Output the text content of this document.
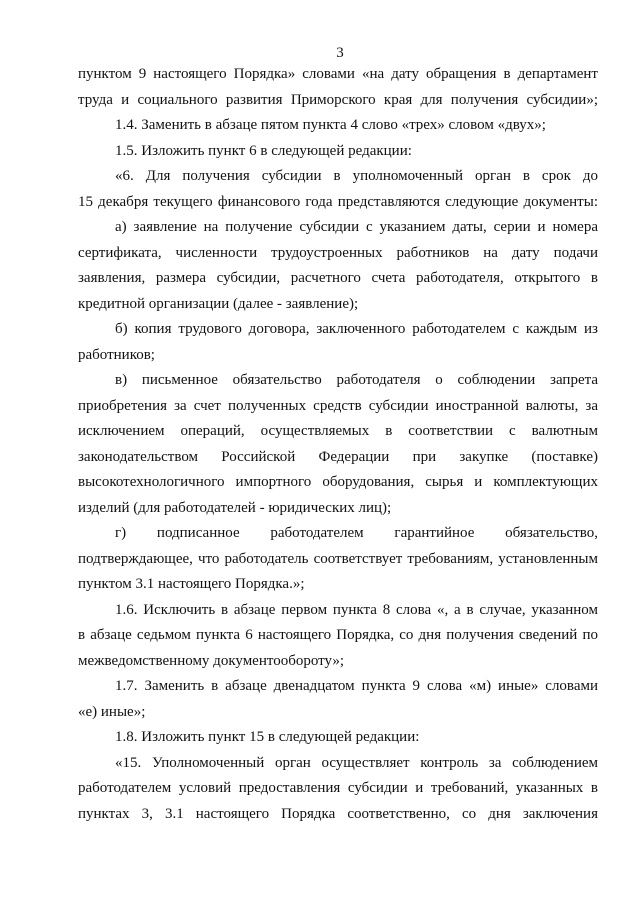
3
пунктом 9 настоящего Порядка» словами «на дату обращения в департамент
труда и социального развития Приморского края для получения субсидии»;
1.4. Заменить в абзаце пятом пункта 4 слово «трех» словом «двух»;
1.5. Изложить пункт 6 в следующей редакции:
«6. Для получения субсидии в уполномоченный орган в срок до
15 декабря текущего финансового года представляются следующие документы:
а) заявление на получение субсидии с указанием даты, серии и номера
сертификата, численности трудоустроенных работников на дату подачи
заявления, размера субсидии, расчетного счета работодателя, открытого в
кредитной организации (далее - заявление);
б) копия трудового договора, заключенного работодателем с каждым из
работников;
в) письменное обязательство работодателя о соблюдении запрета
приобретения за счет полученных средств субсидии иностранной валюты, за
исключением операций, осуществляемых в соответствии с валютным
законодательством Российской Федерации при закупке (поставке)
высокотехнологичного импортного оборудования, сырья и комплектующих
изделий (для работодателей - юридических лиц);
г) подписанное работодателем гарантийное обязательство,
подтверждающее, что работодатель соответствует требованиям, установленным
пунктом 3.1 настоящего Порядка.»;
1.6. Исключить в абзаце первом пункта 8 слова «, а в случае, указанном
в абзаце седьмом пункта 6 настоящего Порядка, со дня получения сведений по
межведомственному документообороту»;
1.7. Заменить в абзаце двенадцатом пункта 9 слова «м) иные» словами
«е) иные»;
1.8. Изложить пункт 15 в следующей редакции:
«15. Уполномоченный орган осуществляет контроль за соблюдением
работодателем условий предоставления субсидии и требований, указанных в
пунктах 3, 3.1 настоящего Порядка соответственно, со дня заключения
